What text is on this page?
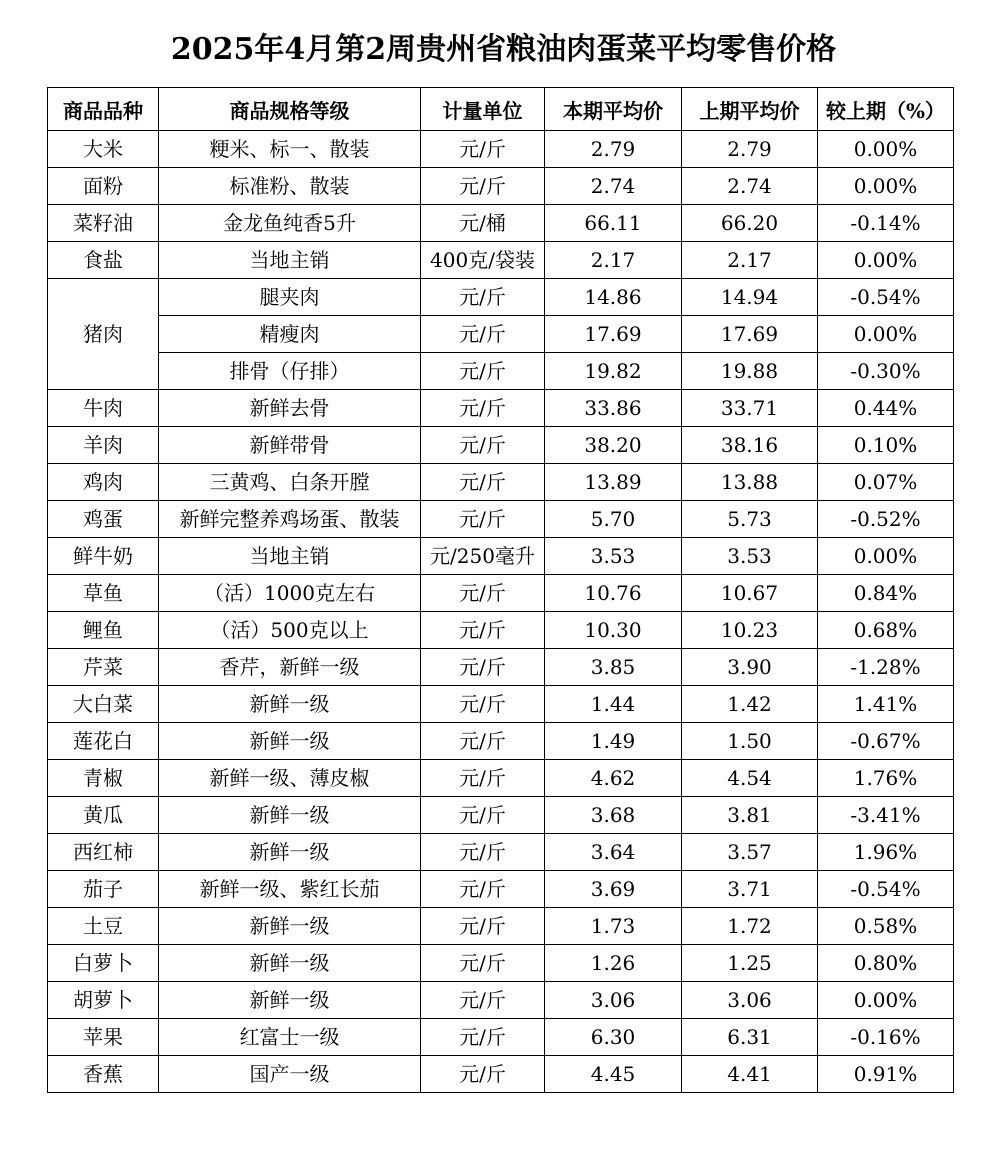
2025年4月第2周贵州省粮油肉蛋菜平均零售价格
商品品种	商品规格等级	计量单位	本期平均价	上期平均价	较上期（%）
大米	粳米、标一、散装	元/斤	2.79	2.79	0.00%
面粉	标准粉、散装	元/斤	2.74	2.74	0.00%
菜籽油	金龙鱼纯香5升	元/桶	66.11	66.20	-0.14%
食盐	当地主销	400克/袋装	2.17	2.17	0.00%
猪肉	腿夹肉	元/斤	14.86	14.94	-0.54%
	精瘦肉	元/斤	17.69	17.69	0.00%
	排骨（仔排）	元/斤	19.82	19.88	-0.30%
牛肉	新鲜去骨	元/斤	33.86	33.71	0.44%
羊肉	新鲜带骨	元/斤	38.20	38.16	0.10%
鸡肉	三黄鸡、白条开膛	元/斤	13.89	13.88	0.07%
鸡蛋	新鲜完整养鸡场蛋、散装	元/斤	5.70	5.73	-0.52%
鲜牛奶	当地主销	元/250毫升	3.53	3.53	0.00%
草鱼	（活）1000克左右	元/斤	10.76	10.67	0.84%
鲤鱼	（活）500克以上	元/斤	10.30	10.23	0.68%
芹菜	香芹，新鲜一级	元/斤	3.85	3.90	-1.28%
大白菜	新鲜一级	元/斤	1.44	1.42	1.41%
莲花白	新鲜一级	元/斤	1.49	1.50	-0.67%
青椒	新鲜一级、薄皮椒	元/斤	4.62	4.54	1.76%
黄瓜	新鲜一级	元/斤	3.68	3.81	-3.41%
西红柿	新鲜一级	元/斤	3.64	3.57	1.96%
茄子	新鲜一级、紫红长茄	元/斤	3.69	3.71	-0.54%
土豆	新鲜一级	元/斤	1.73	1.72	0.58%
白萝卜	新鲜一级	元/斤	1.26	1.25	0.80%
胡萝卜	新鲜一级	元/斤	3.06	3.06	0.00%
苹果	红富士一级	元/斤	6.30	6.31	-0.16%
香蕉	国产一级	元/斤	4.45	4.41	0.91%
